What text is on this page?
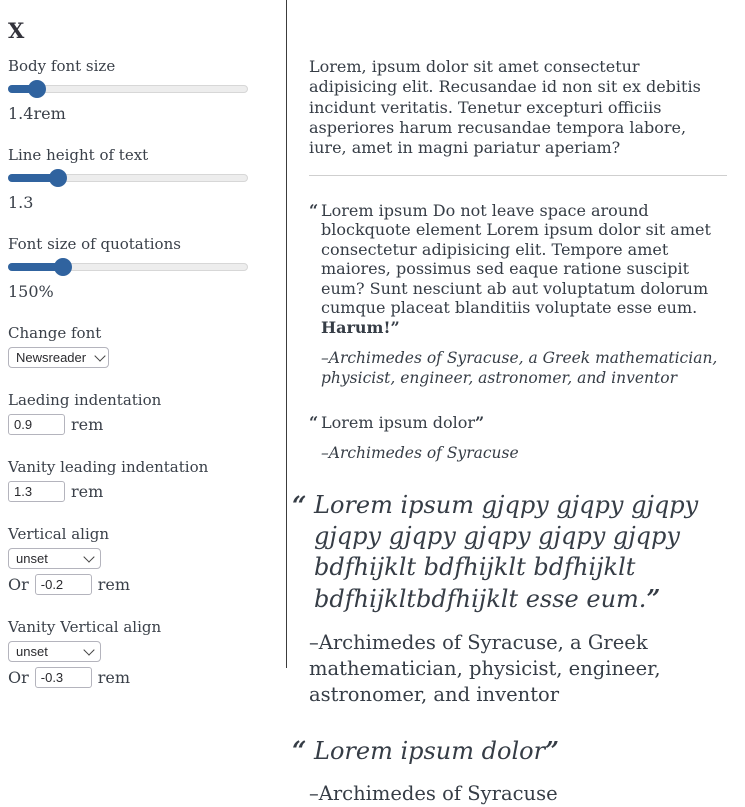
X
Body font size
1.4rem
Line height of text
1.3
Font size of quotations
150%
Change font
Newsreader
Laeding indentation
0.9
rem
Vanity leading indentation
1.3
rem
Vertical align
unset
Or
-0.2	rem
Vanity Vertical align
unset
Or
-0.3	rem

Lorem, ipsum dolor sit amet consectetur adipisicing elit. Recusandae id non sit ex debitis incidunt veritatis. Tenetur excepturi officiis asperiores harum recusandae tempora labore, iure, amet in magni pariatur aperiam?

“ Lorem ipsum Do not leave space around blockquote element Lorem ipsum dolor sit amet consectetur adipisicing elit. Tempore amet maiores, possimus sed eaque ratione suscipit eum? Sunt nesciunt ab aut voluptatum dolorum cumque placeat blanditiis voluptate esse eum. Harum!”
–Archimedes of Syracuse, a Greek mathematician, physicist, engineer, astronomer, and inventor
“ Lorem ipsum dolor”
–Archimedes of Syracuse
“ Lorem ipsum gjqpy gjqpy gjqpy gjqpy gjqpy gjqpy gjqpy gjqpy bdfhijklt bdfhijklt bdfhijklt bdfhijkltbdfhijklt esse eum.”
–Archimedes of Syracuse, a Greek mathematician, physicist, engineer, astronomer, and inventor
“ Lorem ipsum dolor”
–Archimedes of Syracuse
